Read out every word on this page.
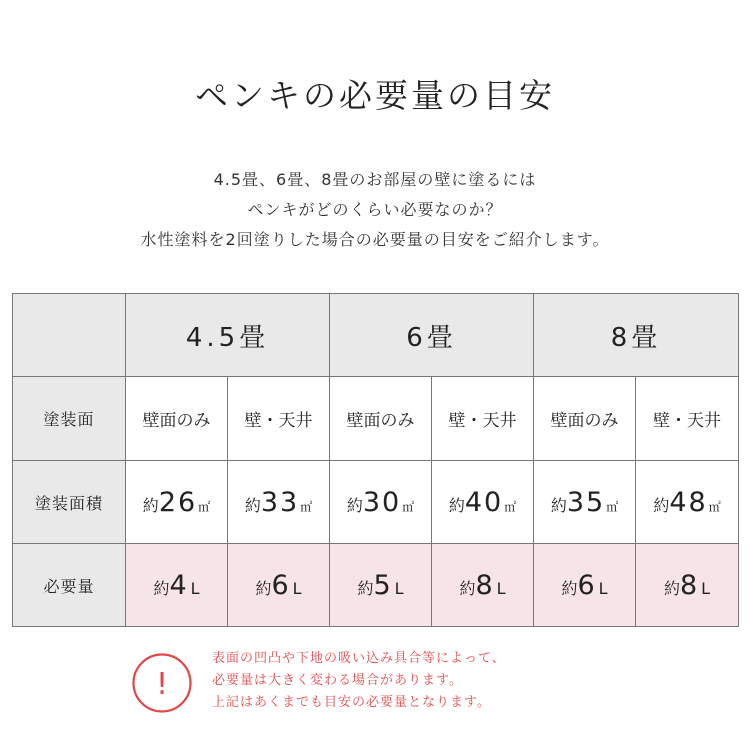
ペンキの必要量の目安
4.5畳、6畳、8畳のお部屋の壁に塗るには
ペンキがどのくらい必要なのか？
水性塗料を2回塗りした場合の必要量の目安をご紹介します。
	4.5畳		6畳		8畳	
塗装面	壁面のみ	壁・天井	壁面のみ	壁・天井	壁面のみ	壁・天井
塗装面積	約26㎡	約33㎡	約30㎡	約40㎡	約35㎡	約48㎡
必要量	約4 L	約6 L	約5 L	約8 L	約6 L	約8 L
!
表面の凹凸や下地の吸い込み具合等によって、
必要量は大きく変わる場合があります。
上記はあくまでも目安の必要量となります。
